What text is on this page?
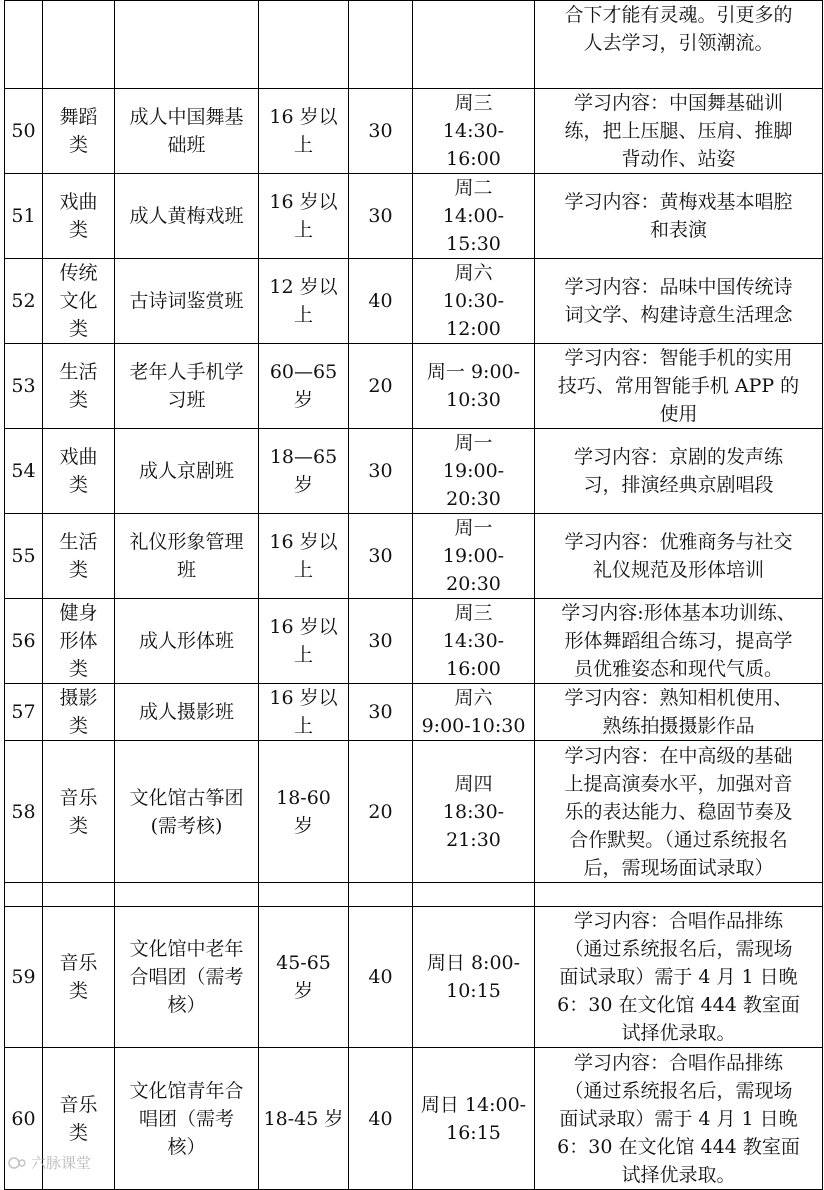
						合下才能有灵魂。引更多的
人去学习，引领潮流。

50	舞蹈
类	成人中国舞基
础班	16 岁以
上	30	周三
14:30-
16:00	学习内容：中国舞基础训
练，把上压腿、压肩、推脚
背动作、站姿

51	戏曲
类	成人黄梅戏班	16 岁以
上	30	周二
14:00-
15:30	学习内容：黄梅戏基本唱腔
和表演

52	传统
文化
类	古诗词鉴赏班	12 岁以
上	40	周六
10:30-
12:00	学习内容：品味中国传统诗
词文学、构建诗意生活理念

53	生活
类	老年人手机学
习班	60—65
岁	20	周一 9:00-
10:30	学习内容：智能手机的实用
技巧、常用智能手机 APP 的
使用

54	戏曲
类	成人京剧班	18—65
岁	30	周一
19:00-
20:30	学习内容：京剧的发声练
习，排演经典京剧唱段

55	生活
类	礼仪形象管理
班	16 岁以
上	30	周一
19:00-
20:30	学习内容：优雅商务与社交
礼仪规范及形体培训

56	健身
形体
类	成人形体班	16 岁以
上	30	周三
14:30-
16:00	学习内容:形体基本功训练、
形体舞蹈组合练习，提高学
员优雅姿态和现代气质。

57	摄影
类	成人摄影班	16 岁以
上	30	周六
9:00-10:30	学习内容：熟知相机使用、
熟练拍摄摄影作品

58	音乐
类	文化馆古筝团
(需考核)	18-60
岁	20	周四
18:30-
21:30	学习内容：在中高级的基础
上提高演奏水平，加强对音
乐的表达能力、稳固节奏及
合作默契。（通过系统报名
后，需现场面试录取）

59	音乐
类	文化馆中老年
合唱团（需考
核）	45-65
岁	40	周日 8:00-
10:15	学习内容：合唱作品排练
（通过系统报名后，需现场
面试录取）需于 4 月 1 日晚
6：30 在文化馆 444 教室面
试择优录取。

60	音乐
类	文化馆青年合
唱团（需考
核）	18-45 岁	40	周日 14:00-
16:15	学习内容：合唱作品排练
（通过系统报名后，需现场
面试录取）需于 4 月 1 日晚
6：30 在文化馆 444 教室面
试择优录取。
六脉课堂
